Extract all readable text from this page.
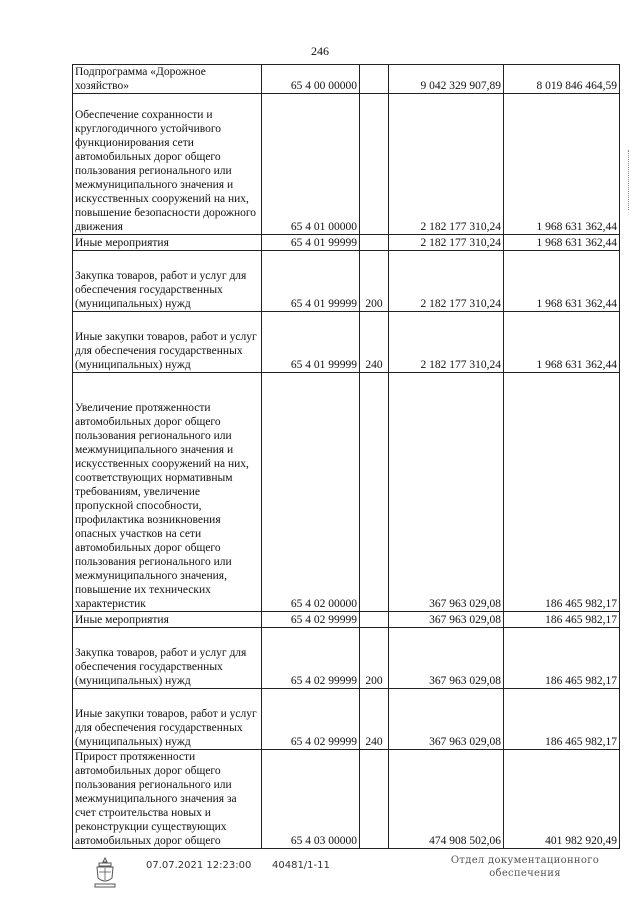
246
Подпрограмма «Дорожное хозяйство»	65 4 00 00000		9 042 329 907,89	8 019 846 464,59
Обеспечение сохранности и круглогодичного устойчивого функционирования сети автомобильных дорог общего пользования регионального или межмуниципального значения и искусственных сооружений на них, повышение безопасности дорожного движения	65 4 01 00000		2 182 177 310,24	1 968 631 362,44
Иные мероприятия	65 4 01 99999		2 182 177 310,24	1 968 631 362,44
Закупка товаров, работ и услуг для обеспечения государственных (муниципальных) нужд	65 4 01 99999	200	2 182 177 310,24	1 968 631 362,44
Иные закупки товаров, работ и услуг для обеспечения государственных (муниципальных) нужд	65 4 01 99999	240	2 182 177 310,24	1 968 631 362,44
Увеличение протяженности автомобильных дорог общего пользования регионального или межмуниципального значения и искусственных сооружений на них, соответствующих нормативным требованиям, увеличение пропускной способности, профилактика возникновения опасных участков на сети автомобильных дорог общего пользования регионального или межмуниципального значения, повышение их технических характеристик	65 4 02 00000		367 963 029,08	186 465 982,17
Иные мероприятия	65 4 02 99999		367 963 029,08	186 465 982,17
Закупка товаров, работ и услуг для обеспечения государственных (муниципальных) нужд	65 4 02 99999	200	367 963 029,08	186 465 982,17
Иные закупки товаров, работ и услуг для обеспечения государственных (муниципальных) нужд	65 4 02 99999	240	367 963 029,08	186 465 982,17
Прирост протяженности автомобильных дорог общего пользования регионального или межмуниципального значения за счет строительства новых и реконструкции существующих автомобильных дорог общего	65 4 03 00000		474 908 502,06	401 982 920,49
07.07.2021 12:23:00 40481/1-11	Отдел документационного
обеспечения
